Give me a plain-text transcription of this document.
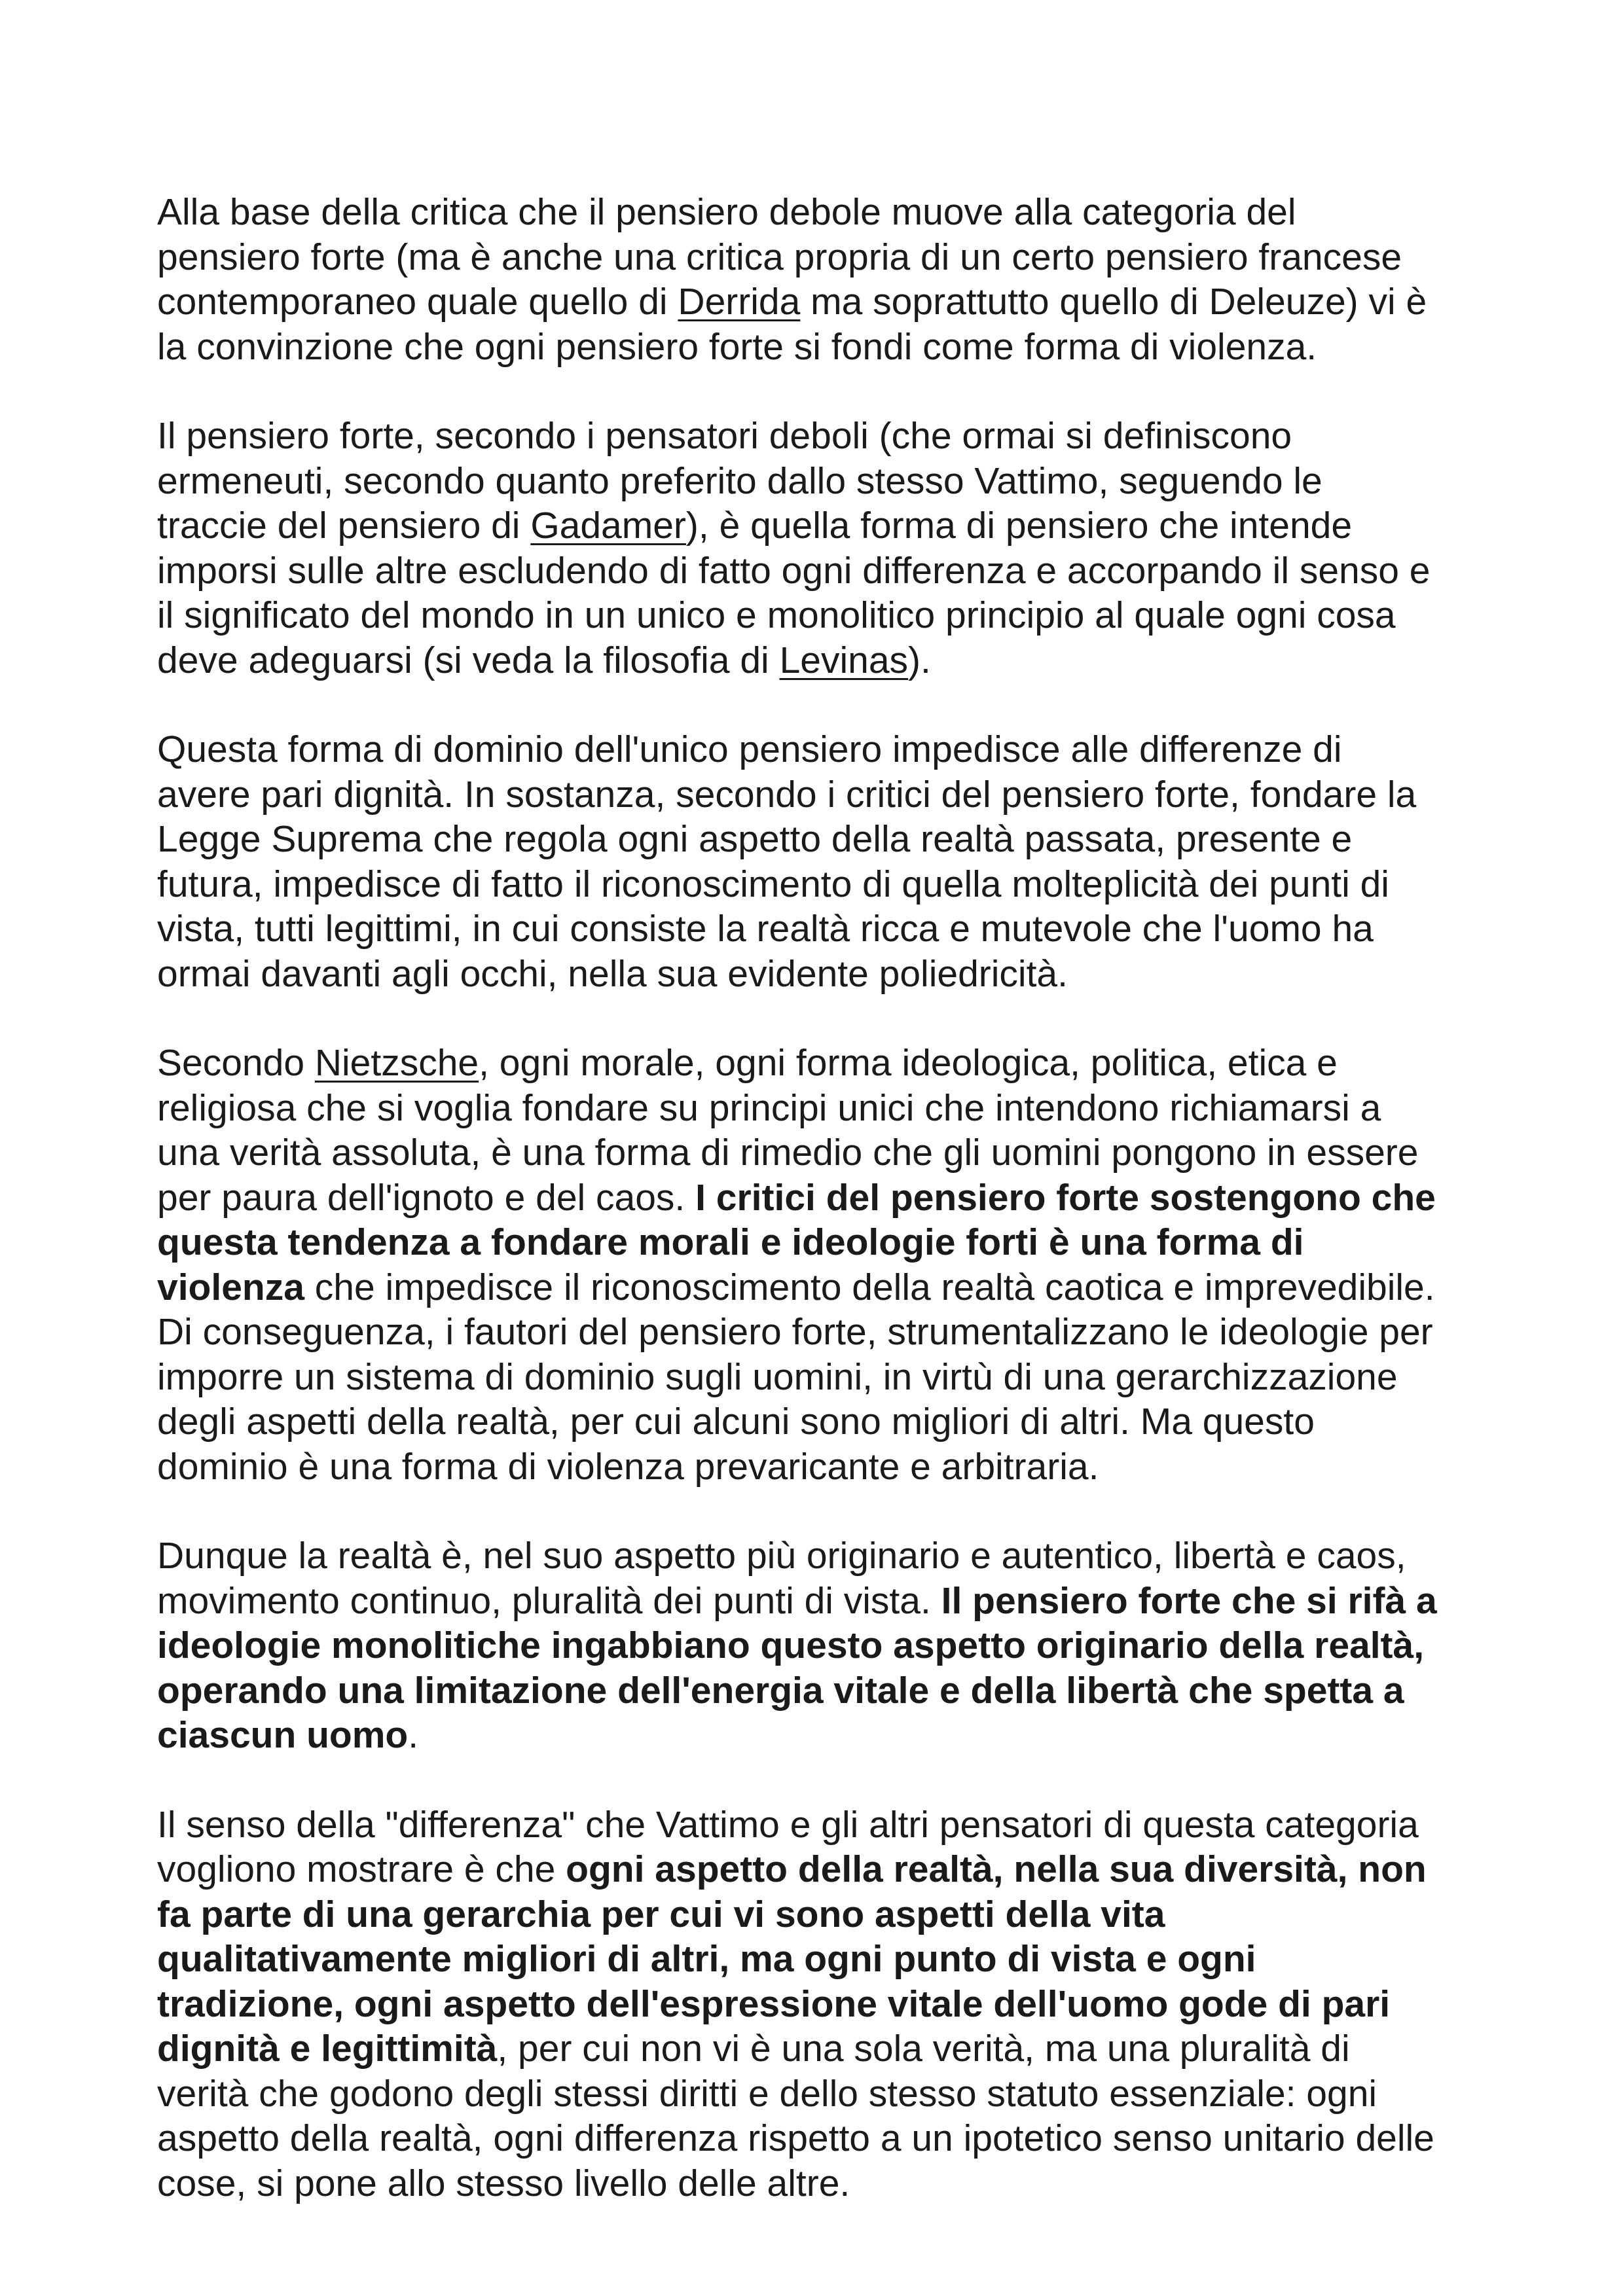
Alla base della critica che il pensiero debole muove alla categoria del
pensiero forte (ma è anche una critica propria di un certo pensiero francese
contemporaneo quale quello di Derrida ma soprattutto quello di Deleuze) vi è
la convinzione che ogni pensiero forte si fondi come forma di violenza.

Il pensiero forte, secondo i pensatori deboli (che ormai si definiscono
ermeneuti, secondo quanto preferito dallo stesso Vattimo, seguendo le
traccie del pensiero di Gadamer), è quella forma di pensiero che intende
imporsi sulle altre escludendo di fatto ogni differenza e accorpando il senso e
il significato del mondo in un unico e monolitico principio al quale ogni cosa
deve adeguarsi (si veda la filosofia di Levinas).

Questa forma di dominio dell'unico pensiero impedisce alle differenze di
avere pari dignità. In sostanza, secondo i critici del pensiero forte, fondare la
Legge Suprema che regola ogni aspetto della realtà passata, presente e
futura, impedisce di fatto il riconoscimento di quella molteplicità dei punti di
vista, tutti legittimi, in cui consiste la realtà ricca e mutevole che l'uomo ha
ormai davanti agli occhi, nella sua evidente poliedricità.

Secondo Nietzsche, ogni morale, ogni forma ideologica, politica, etica e
religiosa che si voglia fondare su principi unici che intendono richiamarsi a
una verità assoluta, è una forma di rimedio che gli uomini pongono in essere
per paura dell'ignoto e del caos. I critici del pensiero forte sostengono che
questa tendenza a fondare morali e ideologie forti è una forma di
violenza che impedisce il riconoscimento della realtà caotica e imprevedibile.
Di conseguenza, i fautori del pensiero forte, strumentalizzano le ideologie per
imporre un sistema di dominio sugli uomini, in virtù di una gerarchizzazione
degli aspetti della realtà, per cui alcuni sono migliori di altri. Ma questo
dominio è una forma di violenza prevaricante e arbitraria.

Dunque la realtà è, nel suo aspetto più originario e autentico, libertà e caos,
movimento continuo, pluralità dei punti di vista. Il pensiero forte che si rifà a
ideologie monolitiche ingabbiano questo aspetto originario della realtà,
operando una limitazione dell'energia vitale e della libertà che spetta a
ciascun uomo.

Il senso della "differenza" che Vattimo e gli altri pensatori di questa categoria
vogliono mostrare è che ogni aspetto della realtà, nella sua diversità, non
fa parte di una gerarchia per cui vi sono aspetti della vita
qualitativamente migliori di altri, ma ogni punto di vista e ogni
tradizione, ogni aspetto dell'espressione vitale dell'uomo gode di pari
dignità e legittimità, per cui non vi è una sola verità, ma una pluralità di
verità che godono degli stessi diritti e dello stesso statuto essenziale: ogni
aspetto della realtà, ogni differenza rispetto a un ipotetico senso unitario delle
cose, si pone allo stesso livello delle altre.
